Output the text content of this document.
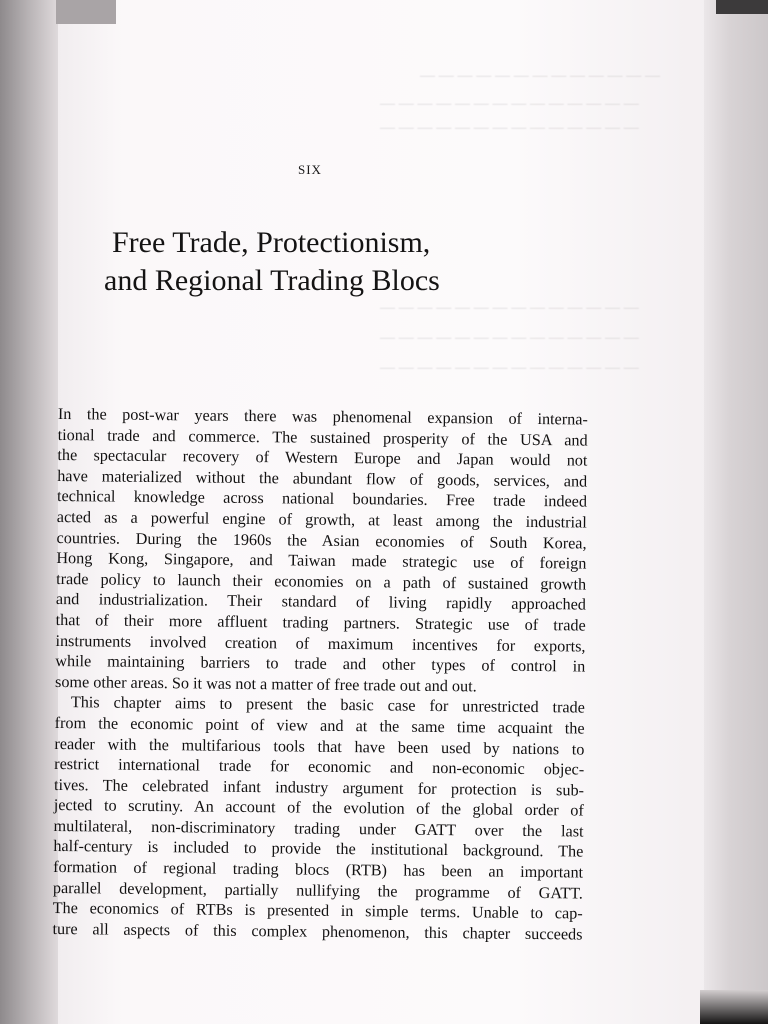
— — — — — — — — — — — — —
— — — — — — — — — — — — — —
— — — — — — — — — — — — — —
— — — — — — — — — — — — — —
— — — — — — — — — — — — — —
— — — — — — — — — — — — — —
SIX
Free Trade, Protectionism,
and Regional Trading Blocs

In the post-war years there was phenomenal expansion of interna-

tional trade and commerce. The sustained prosperity of the USA and

the spectacular recovery of Western Europe and Japan would not

have materialized without the abundant flow of goods, services, and

technical knowledge across national boundaries. Free trade indeed

acted as a powerful engine of growth, at least among the industrial

countries. During the 1960s the Asian economies of South Korea,

Hong Kong, Singapore, and Taiwan made strategic use of foreign

trade policy to launch their economies on a path of sustained growth

and industrialization. Their standard of living rapidly approached

that of their more affluent trading partners. Strategic use of trade

instruments involved creation of maximum incentives for exports,

while maintaining barriers to trade and other types of control in

some other areas. So it was not a matter of free trade out and out.

This chapter aims to present the basic case for unrestricted trade

from the economic point of view and at the same time acquaint the

reader with the multifarious tools that have been used by nations to

restrict international trade for economic and non-economic objec-

tives. The celebrated infant industry argument for protection is sub-

jected to scrutiny. An account of the evolution of the global order of

multilateral, non-discriminatory trading under GATT over the last

half-century is included to provide the institutional background. The

formation of regional trading blocs (RTB) has been an important

parallel development, partially nullifying the programme of GATT.

The economics of RTBs is presented in simple terms. Unable to cap-

ture all aspects of this complex phenomenon, this chapter succeeds
